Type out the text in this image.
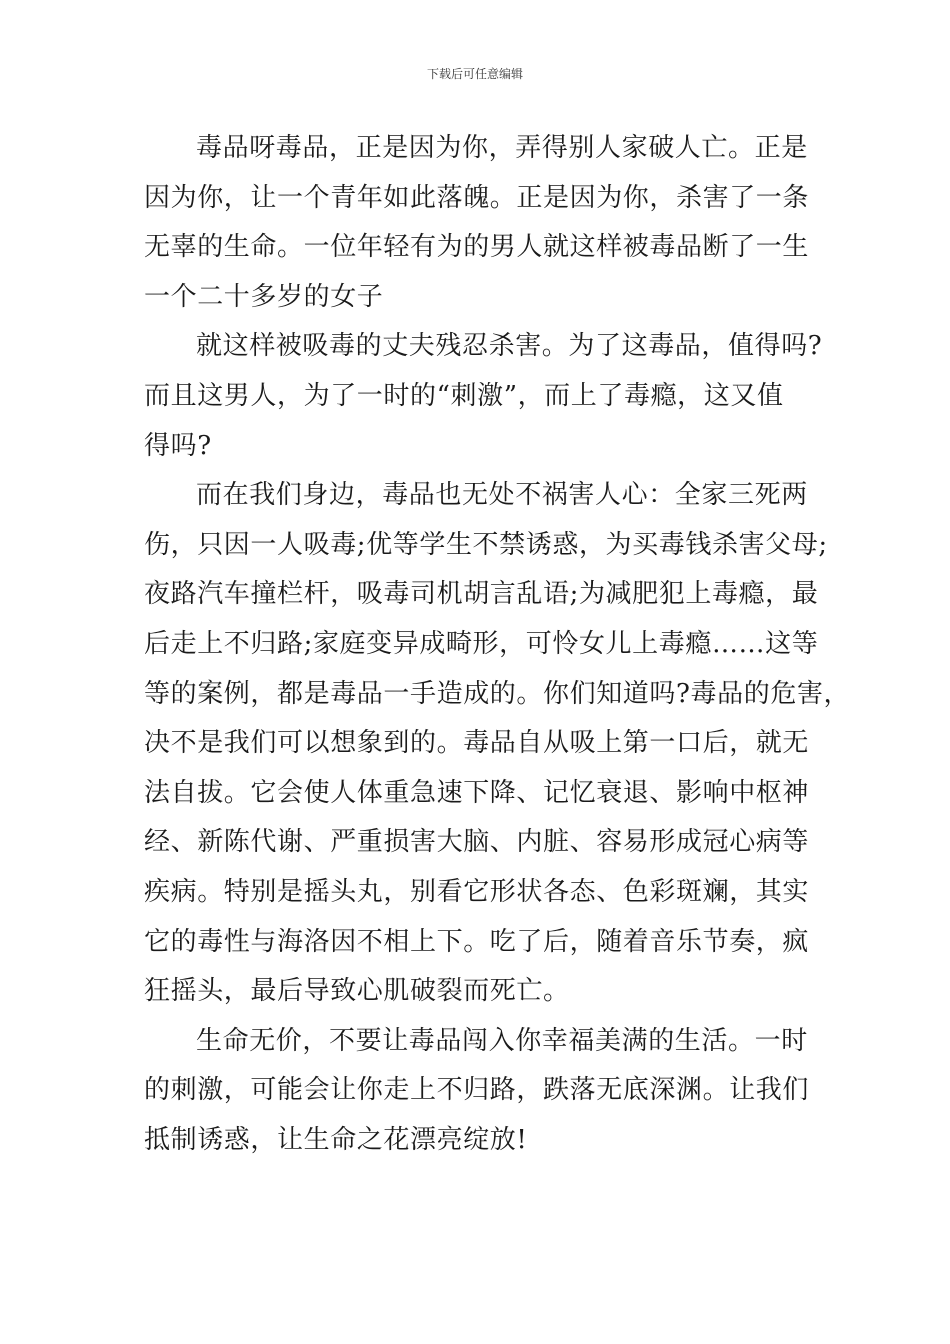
下载后可任意编辑
毒品呀毒品，正是因为你，弄得别人家破人亡。正是
因为你，让一个青年如此落魄。正是因为你，杀害了一条
无辜的生命。一位年轻有为的男人就这样被毒品断了一生
一个二十多岁的女子
就这样被吸毒的丈夫残忍杀害。为了这毒品，值得吗?
而且这男人，为了一时的“刺激”，而上了毒瘾，这又值
得吗?
而在我们身边，毒品也无处不祸害人心：全家三死两
伤，只因一人吸毒;优等学生不禁诱惑，为买毒钱杀害父母;
夜路汽车撞栏杆，吸毒司机胡言乱语;为减肥犯上毒瘾，最
后走上不归路;家庭变异成畸形，可怜女儿上毒瘾……这等
等的案例，都是毒品一手造成的。你们知道吗?毒品的危害，
决不是我们可以想象到的。毒品自从吸上第一口后，就无
法自拔。它会使人体重急速下降、记忆衰退、影响中枢神
经、新陈代谢、严重损害大脑、内脏、容易形成冠心病等
疾病。特别是摇头丸，别看它形状各态、色彩斑斓，其实
它的毒性与海洛因不相上下。吃了后，随着音乐节奏，疯
狂摇头，最后导致心肌破裂而死亡。
生命无价，不要让毒品闯入你幸福美满的生活。一时
的刺激，可能会让你走上不归路，跌落无底深渊。让我们
抵制诱惑，让生命之花漂亮绽放!
